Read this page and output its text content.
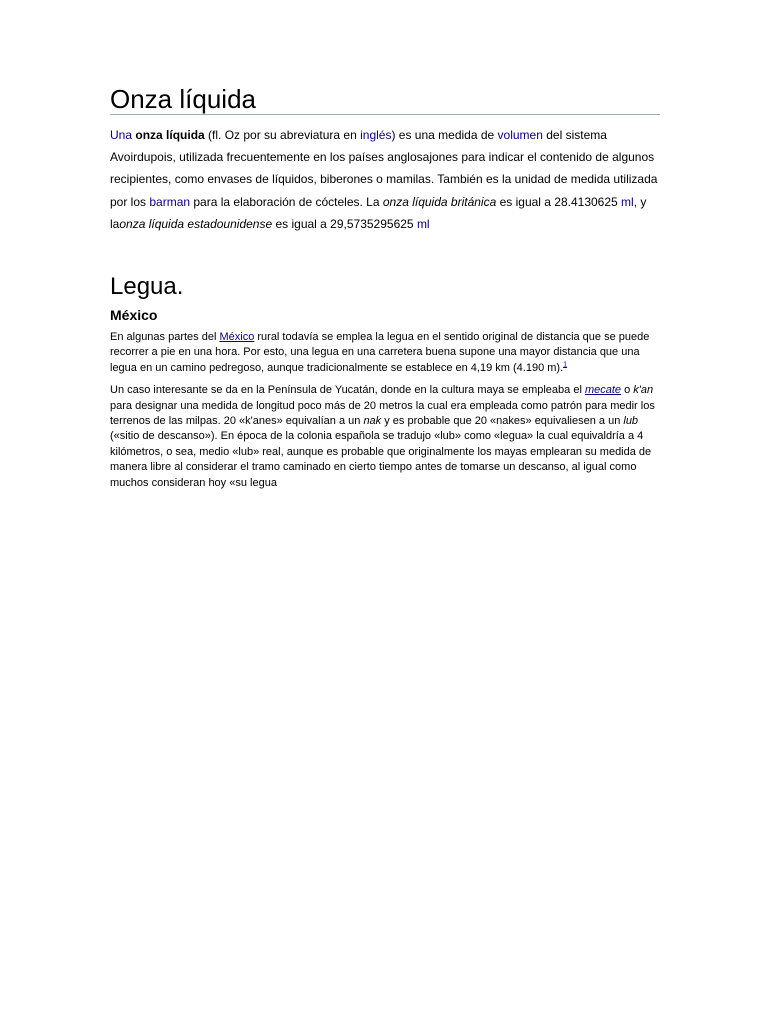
Onza líquida

Una onza líquida (fl. Oz por su abreviatura en inglés) es una medida de volumen del sistema Avoirdupois, utilizada frecuentemente en los países anglosajones para indicar el contenido de algunos recipientes, como envases de líquidos, biberones o mamilas. También es la unidad de medida utilizada por los barman para la elaboración de cócteles. La onza líquida británica es igual a 28.4130625 ml, y laonza líquida estadounidense es igual a 29,5735295625 ml

Legua.
México

En algunas partes del México rural todavía se emplea la legua en el sentido original de distancia que se puede recorrer a pie en una hora. Por esto, una legua en una carretera buena supone una mayor distancia que una legua en un camino pedregoso, aunque tradicionalmente se establece en 4,19 km (4.190 m).$^1$

Un caso interesante se da en la Península de Yucatán, donde en la cultura maya se empleaba el mecate o k'an para designar una medida de longitud poco más de 20 metros la cual era empleada como patrón para medir los terrenos de las milpas. 20 «k'anes» equivalían a un nak y es probable que 20 «nakes» equivaliesen a un lub («sitio de descanso»). En época de la colonia española se tradujo «lub» como «legua» la cual equivaldría a 4 kilómetros, o sea, medio «lub» real, aunque es probable que originalmente los mayas emplearan su medida de manera libre al considerar el tramo caminado en cierto tiempo antes de tomarse un descanso, al igual como muchos consideran hoy «su legua
